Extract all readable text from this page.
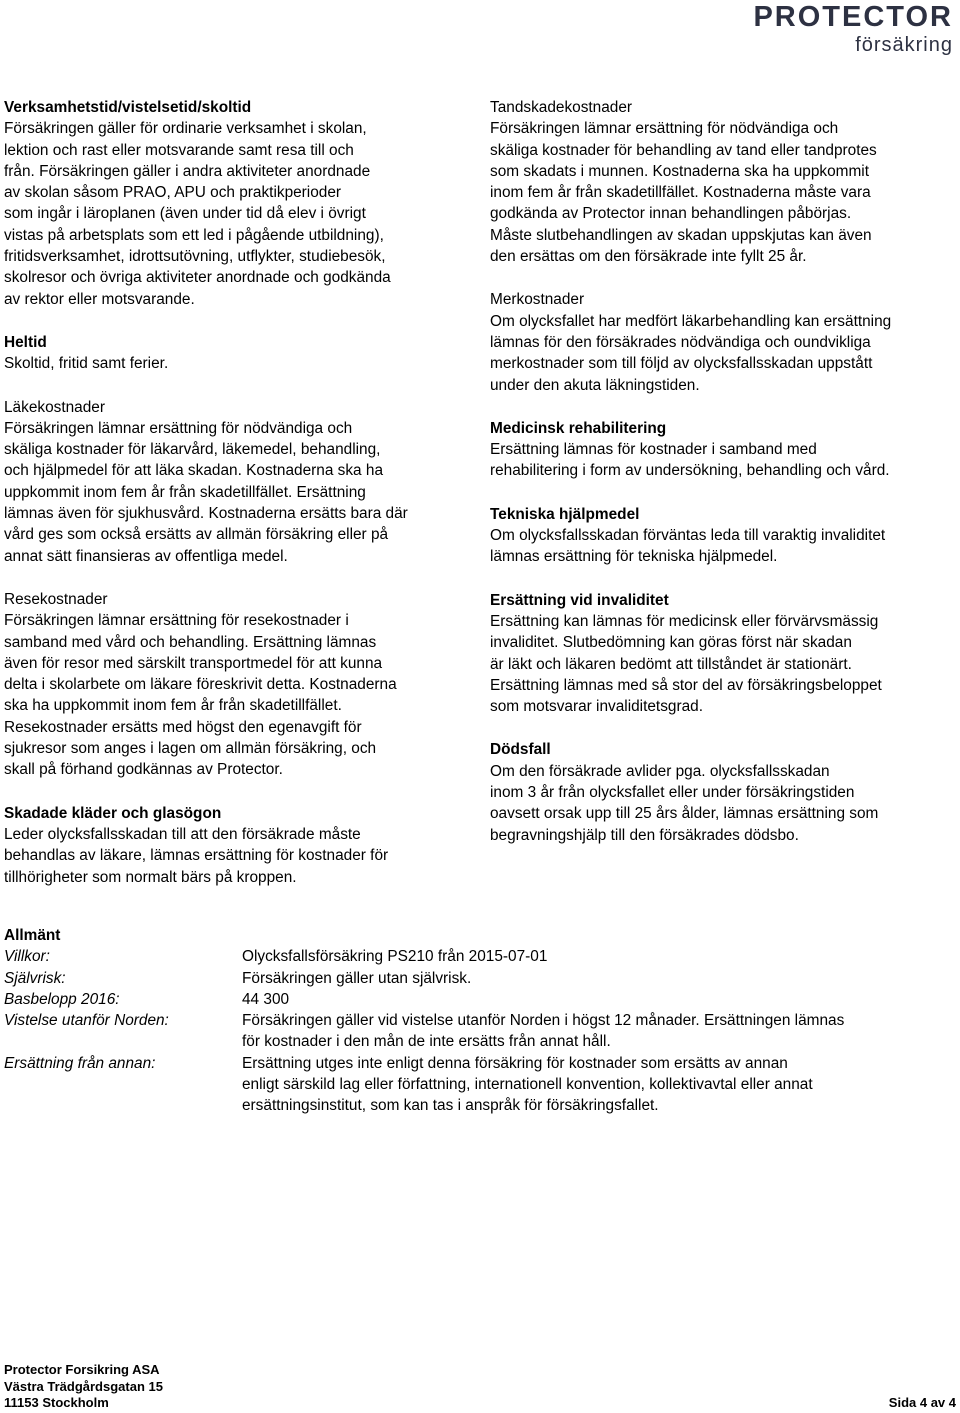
PROTECTOR
försäkring
Verksamhetstid/vistelsetid/skoltid
Försäkringen gäller för ordinarie verksamhet i skolan,
lektion och rast eller motsvarande samt resa till och
från. Försäkringen gäller i andra aktiviteter anordnade
av skolan såsom PRAO, APU och praktikperioder
som ingår i läroplanen (även under tid då elev i övrigt
vistas på arbetsplats som ett led i pågående utbildning),
fritidsverksamhet, idrottsutövning, utflykter, studiebesök,
skolresor och övriga aktiviteter anordnade och godkända
av rektor eller motsvarande.
Heltid
Skoltid, fritid samt ferier.
Läkekostnader
Försäkringen lämnar ersättning för nödvändiga och
skäliga kostnader för läkarvård, läkemedel, behandling,
och hjälpmedel för att läka skadan. Kostnaderna ska ha
uppkommit inom fem år från skadetillfället. Ersättning
lämnas även för sjukhusvård. Kostnaderna ersätts bara där
vård ges som också ersätts av allmän försäkring eller på
annat sätt finansieras av offentliga medel.
Resekostnader
Försäkringen lämnar ersättning för resekostnader i
samband med vård och behandling. Ersättning lämnas
även för resor med särskilt transportmedel för att kunna
delta i skolarbete om läkare föreskrivit detta. Kostnaderna
ska ha uppkommit inom fem år från skadetillfället.
Resekostnader ersätts med högst den egenavgift för
sjukresor som anges i lagen om allmän försäkring, och
skall på förhand godkännas av Protector.
Skadade kläder och glasögon
Leder olycksfallsskadan till att den försäkrade måste
behandlas av läkare, lämnas ersättning för kostnader för
tillhörigheter som normalt bärs på kroppen.
Tandskadekostnader
Försäkringen lämnar ersättning för nödvändiga och
skäliga kostnader för behandling av tand eller tandprotes
som skadats i munnen. Kostnaderna ska ha uppkommit
inom fem år från skadetillfället. Kostnaderna måste vara
godkända av Protector innan behandlingen påbörjas.
Måste slutbehandlingen av skadan uppskjutas kan även
den ersättas om den försäkrade inte fyllt 25 år.
Merkostnader
Om olycksfallet har medfört läkarbehandling kan ersättning
lämnas för den försäkrades nödvändiga och oundvikliga
merkostnader som till följd av olycksfallsskadan uppstått
under den akuta läkningstiden.
Medicinsk rehabilitering
Ersättning lämnas för kostnader i samband med
rehabilitering i form av undersökning, behandling och vård.
Tekniska hjälpmedel
Om olycksfallsskadan förväntas leda till varaktig invaliditet
lämnas ersättning för tekniska hjälpmedel.
Ersättning vid invaliditet
Ersättning kan lämnas för medicinsk eller förvärvsmässig
invaliditet. Slutbedömning kan göras först när skadan
är läkt och läkaren bedömt att tillståndet är stationärt.
Ersättning lämnas med så stor del av försäkringsbeloppet
som motsvarar invaliditetsgrad.
Dödsfall
Om den försäkrade avlider pga. olycksfallsskadan
inom 3 år från olycksfallet eller under försäkringstiden
oavsett orsak upp till 25 års ålder, lämnas ersättning som
begravningshjälp till den försäkrades dödsbo.
Allmänt
Villkor:	Olycksfallsförsäkring PS210 från 2015-07-01
Självrisk:	Försäkringen gäller utan självrisk.
Basbelopp 2016:	44 300
Vistelse utanför Norden:	Försäkringen gäller vid vistelse utanför Norden i högst 12 månader. Ersättningen lämnas
för kostnader i den mån de inte ersätts från annat håll.
Ersättning från annan:	Ersättning utges inte enligt denna försäkring för kostnader som ersätts av annan
enligt särskild lag eller författning, internationell konvention, kollektivavtal eller annat
ersättningsinstitut, som kan tas i anspråk för försäkringsfallet.
Protector Forsikring ASA
Västra Trädgårdsgatan 15
11153 Stockholm	Sida 4 av 4
